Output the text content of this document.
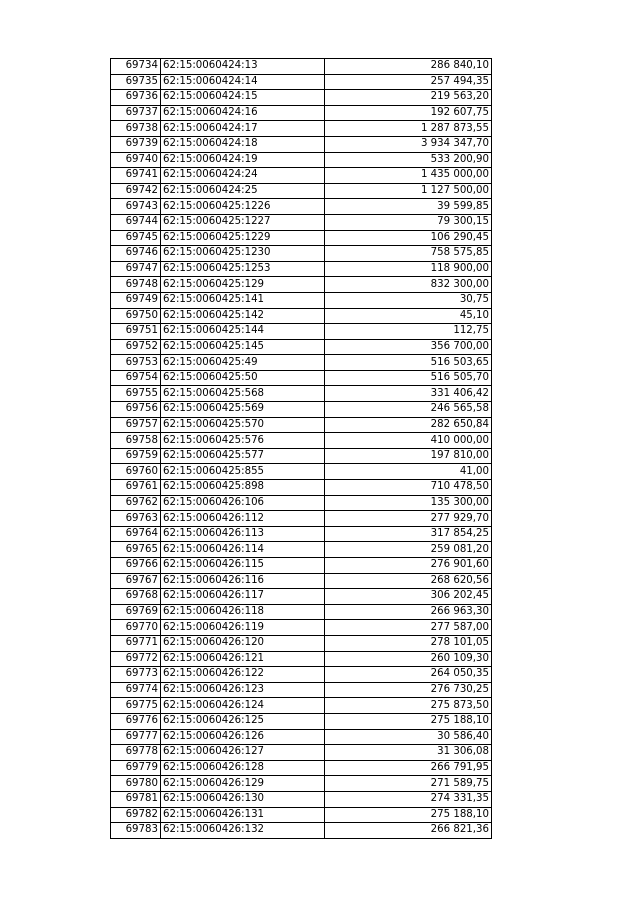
69734	62:15:0060424:13	286 840,10
69735	62:15:0060424:14	257 494,35
69736	62:15:0060424:15	219 563,20
69737	62:15:0060424:16	192 607,75
69738	62:15:0060424:17	1 287 873,55
69739	62:15:0060424:18	3 934 347,70
69740	62:15:0060424:19	533 200,90
69741	62:15:0060424:24	1 435 000,00
69742	62:15:0060424:25	1 127 500,00
69743	62:15:0060425:1226	39 599,85
69744	62:15:0060425:1227	79 300,15
69745	62:15:0060425:1229	106 290,45
69746	62:15:0060425:1230	758 575,85
69747	62:15:0060425:1253	118 900,00
69748	62:15:0060425:129	832 300,00
69749	62:15:0060425:141	30,75
69750	62:15:0060425:142	45,10
69751	62:15:0060425:144	112,75
69752	62:15:0060425:145	356 700,00
69753	62:15:0060425:49	516 503,65
69754	62:15:0060425:50	516 505,70
69755	62:15:0060425:568	331 406,42
69756	62:15:0060425:569	246 565,58
69757	62:15:0060425:570	282 650,84
69758	62:15:0060425:576	410 000,00
69759	62:15:0060425:577	197 810,00
69760	62:15:0060425:855	41,00
69761	62:15:0060425:898	710 478,50
69762	62:15:0060426:106	135 300,00
69763	62:15:0060426:112	277 929,70
69764	62:15:0060426:113	317 854,25
69765	62:15:0060426:114	259 081,20
69766	62:15:0060426:115	276 901,60
69767	62:15:0060426:116	268 620,56
69768	62:15:0060426:117	306 202,45
69769	62:15:0060426:118	266 963,30
69770	62:15:0060426:119	277 587,00
69771	62:15:0060426:120	278 101,05
69772	62:15:0060426:121	260 109,30
69773	62:15:0060426:122	264 050,35
69774	62:15:0060426:123	276 730,25
69775	62:15:0060426:124	275 873,50
69776	62:15:0060426:125	275 188,10
69777	62:15:0060426:126	30 586,40
69778	62:15:0060426:127	31 306,08
69779	62:15:0060426:128	266 791,95
69780	62:15:0060426:129	271 589,75
69781	62:15:0060426:130	274 331,35
69782	62:15:0060426:131	275 188,10
69783	62:15:0060426:132	266 821,36
